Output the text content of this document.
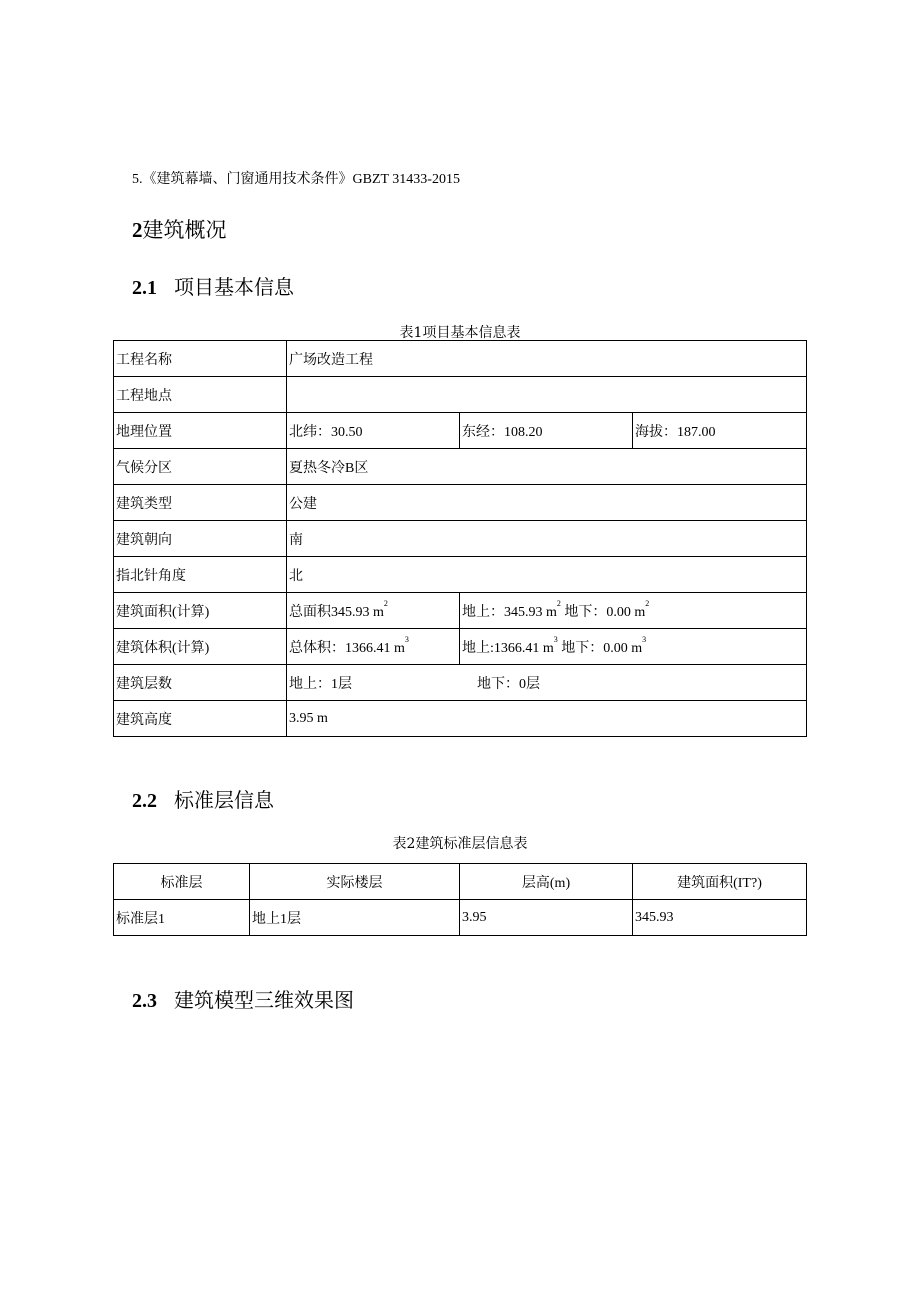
5.《建筑幕墙、门窗通用技术条件》GBZT 31433-2015
2建筑概况
2.1 项目基本信息
表1项目基本信息表
工程名称	广场改造工程		
工程地点			
地理位置	北纬：30.50	东经：108.20	海拔：187.00
气候分区	夏热冬冷B区		
建筑类型	公建		
建筑朝向	南		
指北针角度	北		
建筑面积(计算)	总面积345.93 $m^2$	地上：345.93 $m^2$ 地下：0.00 $m^2$
建筑体积(计算)	总体积：1366.41 $m^3$	地上:1366.41 $m^3$ 地下：0.00 $m^3$
建筑层数	地上：1层 地下：0层		
建筑高度	3.95 m		
2.2 标准层信息
表2建筑标准层信息表
标准层	实际楼层	层高(m)	建筑面积(IT?)
标准层1	地上1层	3.95	345.93
2.3 建筑模型三维效果图
